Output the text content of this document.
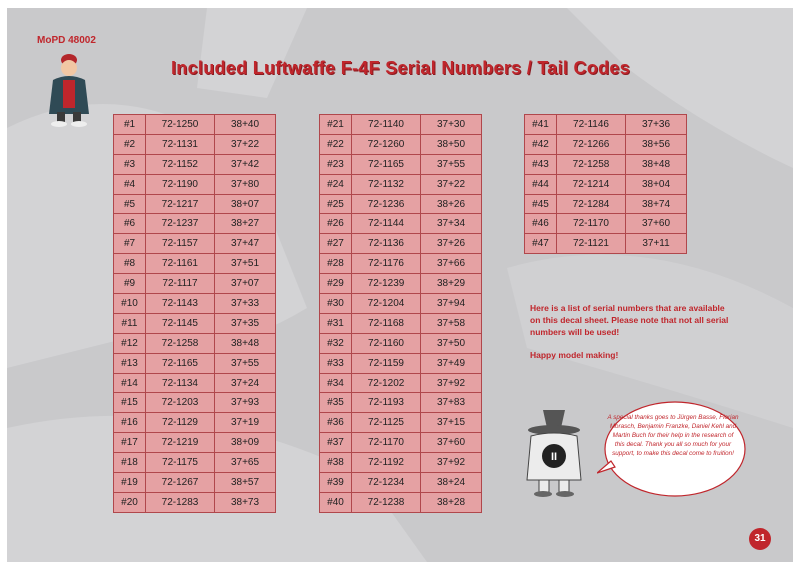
MoPD 48002
Included Luftwaffe F-4F Serial Numbers / Tail Codes
#1	72-1250	38+40
#2	72-1131	37+22
#3	72-1152	37+42
#4	72-1190	37+80
#5	72-1217	38+07
#6	72-1237	38+27
#7	72-1157	37+47
#8	72-1161	37+51
#9	72-1117	37+07
#10	72-1143	37+33
#11	72-1145	37+35
#12	72-1258	38+48
#13	72-1165	37+55
#14	72-1134	37+24
#15	72-1203	37+93
#16	72-1129	37+19
#17	72-1219	38+09
#18	72-1175	37+65
#19	72-1267	38+57
#20	72-1283	38+73
#21	72-1140	37+30
#22	72-1260	38+50
#23	72-1165	37+55
#24	72-1132	37+22
#25	72-1236	38+26
#26	72-1144	37+34
#27	72-1136	37+26
#28	72-1176	37+66
#29	72-1239	38+29
#30	72-1204	37+94
#31	72-1168	37+58
#32	72-1160	37+50
#33	72-1159	37+49
#34	72-1202	37+92
#35	72-1193	37+83
#36	72-1125	37+15
#37	72-1170	37+60
#38	72-1192	37+92
#39	72-1234	38+24
#40	72-1238	38+28
#41	72-1146	37+36
#42	72-1266	38+56
#43	72-1258	38+48
#44	72-1214	38+04
#45	72-1284	38+74
#46	72-1170	37+60
#47	72-1121	37+11

Here is a list of serial numbers that are available on this decal sheet. Please note that not all serial numbers will be used!

Happy model making!

II
A special thanks goes to Jürgen Basse, Florian Morasch, Benjamin Franzke, Daniel Kehl and Martin Buch for their help in the research of this decal. Thank you all so much for your support, to make this decal come to fruition!
31
